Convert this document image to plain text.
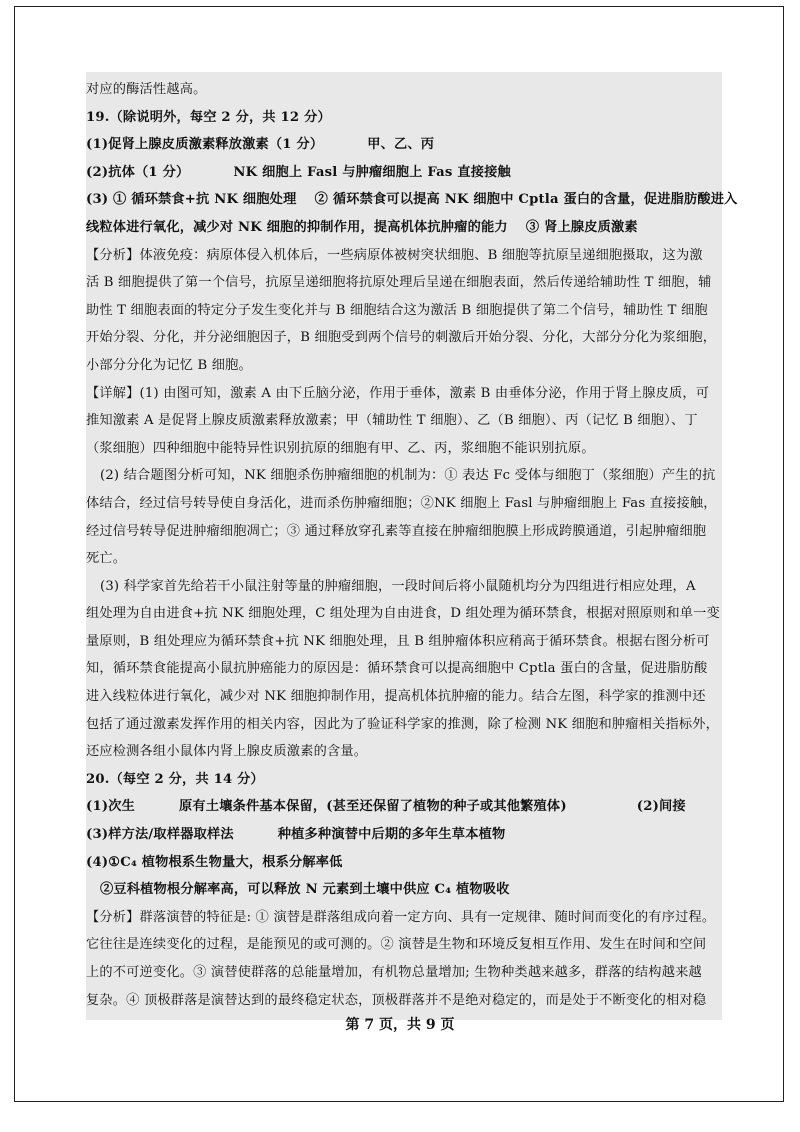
对应的酶活性越高。
19.（除说明外，每空 2 分，共 12 分）
(1)促肾上腺皮质激素释放激素（1 分）	甲、乙、丙
(2)抗体（1 分）	NK 细胞上 Fasl 与肿瘤细胞上 Fas 直接接触
(3) ① 循环禁食+抗 NK 细胞处理　 ② 循环禁食可以提高 NK 细胞中 Cptla 蛋白的含量，促进脂肪酸进入
线粒体进行氧化，减少对 NK 细胞的抑制作用，提高机体抗肿瘤的能力　 ③ 肾上腺皮质激素
【分析】体液免疫：病原体侵入机体后，一些病原体被树突状细胞、B 细胞等抗原呈递细胞摄取，这为激
活 B 细胞提供了第一个信号，抗原呈递细胞将抗原处理后呈递在细胞表面，然后传递给辅助性 T 细胞，辅
助性 T 细胞表面的特定分子发生变化并与 B 细胞结合这为激活 B 细胞提供了第二个信号，辅助性 T 细胞
开始分裂、分化，并分泌细胞因子，B 细胞受到两个信号的刺激后开始分裂、分化，大部分分化为浆细胞，
小部分分化为记忆 B 细胞。
【详解】(1) 由图可知，激素 A 由下丘脑分泌，作用于垂体，激素 B 由垂体分泌，作用于肾上腺皮质，可
推知激素 A 是促肾上腺皮质激素释放激素；甲（辅助性 T 细胞）、乙（B 细胞）、丙（记忆 B 细胞）、丁
（浆细胞）四种细胞中能特异性识别抗原的细胞有甲、乙、丙，浆细胞不能识别抗原。
(2) 结合题图分析可知，NK 细胞杀伤肿瘤细胞的机制为：① 表达 Fc 受体与细胞丁（浆细胞）产生的抗
体结合，经过信号转导使自身活化，进而杀伤肿瘤细胞；②NK 细胞上 Fasl 与肿瘤细胞上 Fas 直接接触，
经过信号转导促进肿瘤细胞凋亡；③ 通过释放穿孔素等直接在肿瘤细胞膜上形成跨膜通道，引起肿瘤细胞
死亡。
(3) 科学家首先给若干小鼠注射等量的肿瘤细胞，一段时间后将小鼠随机均分为四组进行相应处理，A
组处理为自由进食+抗 NK 细胞处理，C 组处理为自由进食，D 组处理为循环禁食，根据对照原则和单一变
量原则，B 组处理应为循环禁食+抗 NK 细胞处理，且 B 组肿瘤体积应稍高于循环禁食。根据右图分析可
知，循环禁食能提高小鼠抗肿癌能力的原因是：循环禁食可以提高细胞中 Cptla 蛋白的含量，促进脂肪酸
进入线粒体进行氧化，减少对 NK 细胞抑制作用，提高机体抗肿瘤的能力。结合左图，科学家的推测中还
包括了通过激素发挥作用的相关内容，因此为了验证科学家的推测，除了检测 NK 细胞和肿瘤相关指标外，
还应检测各组小鼠体内肾上腺皮质激素的含量。
20.（每空 2 分，共 14 分）
(1)次生	原有土壤条件基本保留，(甚至还保留了植物的种子或其他繁殖体)	(2)间接
(3)样方法/取样器取样法	种植多种演替中后期的多年生草本植物
(4)①C₄ 植物根系生物量大，根系分解率低
②豆科植物根分解率高，可以释放 N 元素到土壤中供应 C₄ 植物吸收
【分析】群落演替的特征是: ① 演替是群落组成向着一定方向、具有一定规律、随时间而变化的有序过程。
它往往是连续变化的过程，是能预见的或可测的。② 演替是生物和环境反复相互作用、发生在时间和空间
上的不可逆变化。③ 演替使群落的总能量增加，有机物总量增加; 生物种类越来越多，群落的结构越来越
复杂。④ 顶极群落是演替达到的最终稳定状态，顶极群落并不是绝对稳定的，而是处于不断变化的相对稳
第 7 页，共 9 页
